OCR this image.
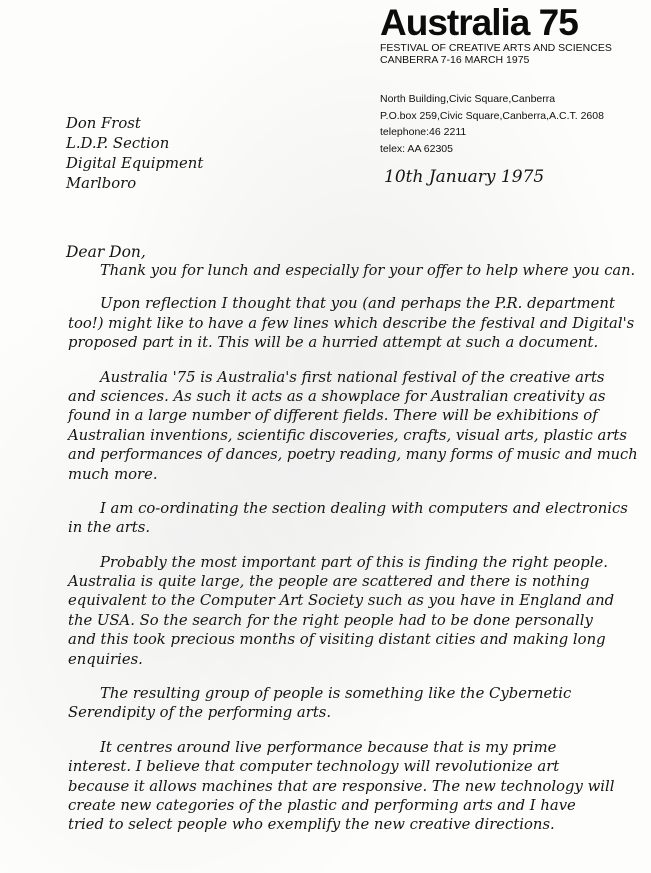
Australia 75
FESTIVAL OF CREATIVE ARTS AND SCIENCES
CANBERRA 7-16 MARCH 1975
North Building,Civic Square,Canberra
P.O.box 259,Civic Square,Canberra,A.C.T. 2608
telephone:46 2211
telex: AA 62305
Don Frost
L.D.P. Section
Digital Equipment
Marlboro	10th January 1975
Dear Don,
Thank you for lunch and especially for your offer to help where you can.
Upon reflection I thought that you (and perhaps the P.R. department
too!) might like to have a few lines which describe the festival and Digital's
proposed part in it. This will be a hurried attempt at such a document.
Australia '75 is Australia's first national festival of the creative arts
and sciences. As such it acts as a showplace for Australian creativity as
found in a large number of different fields. There will be exhibitions of
Australian inventions, scientific discoveries, crafts, visual arts, plastic arts
and performances of dances, poetry reading, many forms of music and much
much more.
I am co-ordinating the section dealing with computers and electronics
in the arts.
Probably the most important part of this is finding the right people.
Australia is quite large, the people are scattered and there is nothing
equivalent to the Computer Art Society such as you have in England and
the USA. So the search for the right people had to be done personally
and this took precious months of visiting distant cities and making long
enquiries.
The resulting group of people is something like the Cybernetic
Serendipity of the performing arts.
It centres around live performance because that is my prime
interest. I believe that computer technology will revolutionize art
because it allows machines that are responsive. The new technology will
create new categories of the plastic and performing arts and I have
tried to select people who exemplify the new creative directions.
